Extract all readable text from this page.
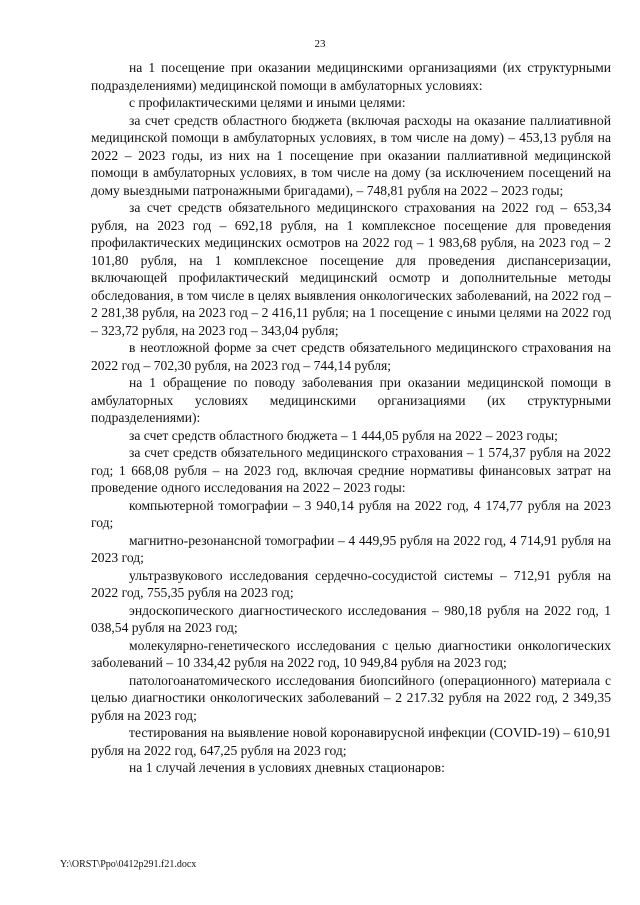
23

на 1 посещение при оказании медицинскими организациями (их структурными подразделениями) медицинской помощи в амбулаторных условиях:

с профилактическими целями и иными целями:

за счет средств областного бюджета (включая расходы на оказание паллиативной медицинской помощи в амбулаторных условиях, в том числе на дому) – 453,13 рубля на 2022 – 2023 годы, из них на 1 посещение при оказании паллиативной медицинской помощи в амбулаторных условиях, в том числе на дому (за исключением посещений на дому выездными патронажными бригадами), – 748,81 рубля на 2022 – 2023 годы;

за счет средств обязательного медицинского страхования на 2022 год – 653,34 рубля, на 2023 год – 692,18 рубля, на 1 комплексное посещение для проведения профилактических медицинских осмотров на 2022 год – 1 983,68 рубля, на 2023 год – 2 101,80 рубля, на 1 комплексное посещение для проведения диспансеризации, включающей профилактический медицинский осмотр и дополнительные методы обследования, в том числе в целях выявления онкологических заболеваний, на 2022 год – 2 281,38 рубля, на 2023 год – 2 416,11 рубля; на 1 посещение с иными целями на 2022 год – 323,72 рубля, на 2023 год – 343,04 рубля;

в неотложной форме за счет средств обязательного медицинского страхования на 2022 год – 702,30 рубля, на 2023 год – 744,14 рубля;

на 1 обращение по поводу заболевания при оказании медицинской помощи в амбулаторных условиях медицинскими организациями (их структурными подразделениями):

за счет средств областного бюджета – 1 444,05 рубля на 2022 – 2023 годы;

за счет средств обязательного медицинского страхования – 1 574,37 рубля на 2022 год; 1 668,08 рубля – на 2023 год, включая средние нормативы финансовых затрат на проведение одного исследования на 2022 – 2023 годы:

компьютерной томографии – 3 940,14 рубля на 2022 год, 4 174,77 рубля на 2023 год;

магнитно-резонансной томографии – 4 449,95 рубля на 2022 год, 4 714,91 рубля на 2023 год;

ультразвукового исследования сердечно-сосудистой системы – 712,91 рубля на 2022 год, 755,35 рубля на 2023 год;

эндоскопического диагностического исследования – 980,18 рубля на 2022 год, 1 038,54 рубля на 2023 год;

молекулярно-генетического исследования с целью диагностики онкологических заболеваний – 10 334,42 рубля на 2022 год, 10 949,84 рубля на 2023 год;

патологоанатомического исследования биопсийного (операционного) материала с целью диагностики онкологических заболеваний – 2 217.32 рубля на 2022 год, 2 349,35 рубля на 2023 год;

тестирования на выявление новой коронавирусной инфекции (COVID-19) – 610,91 рубля на 2022 год, 647,25 рубля на 2023 год;

на 1 случай лечения в условиях дневных стационаров:

Y:\ORST\Ppo\0412p291.f21.docx
